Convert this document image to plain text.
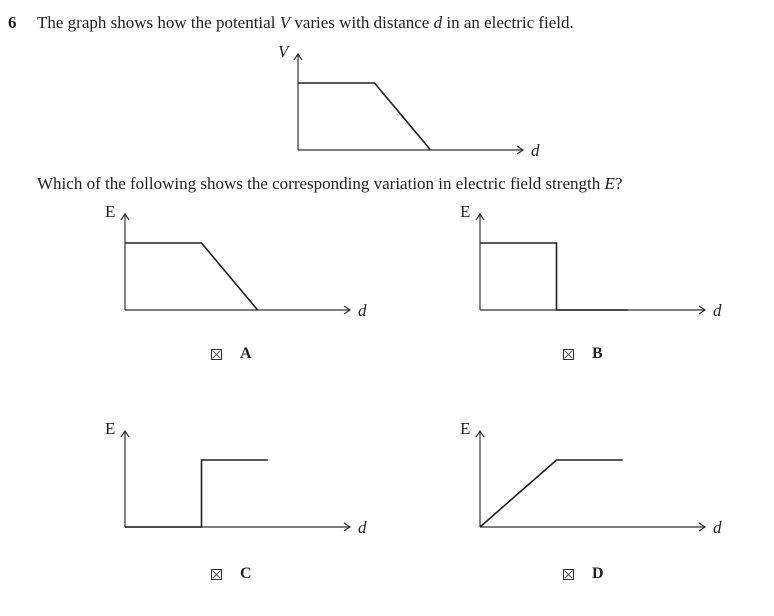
6 The graph shows how the potential V varies with distance d in an electric field.
d
V
Which of the following shows the corresponding variation in electric field strength E?
d
E
d
E
d
E
d
E
A	B
C	D
